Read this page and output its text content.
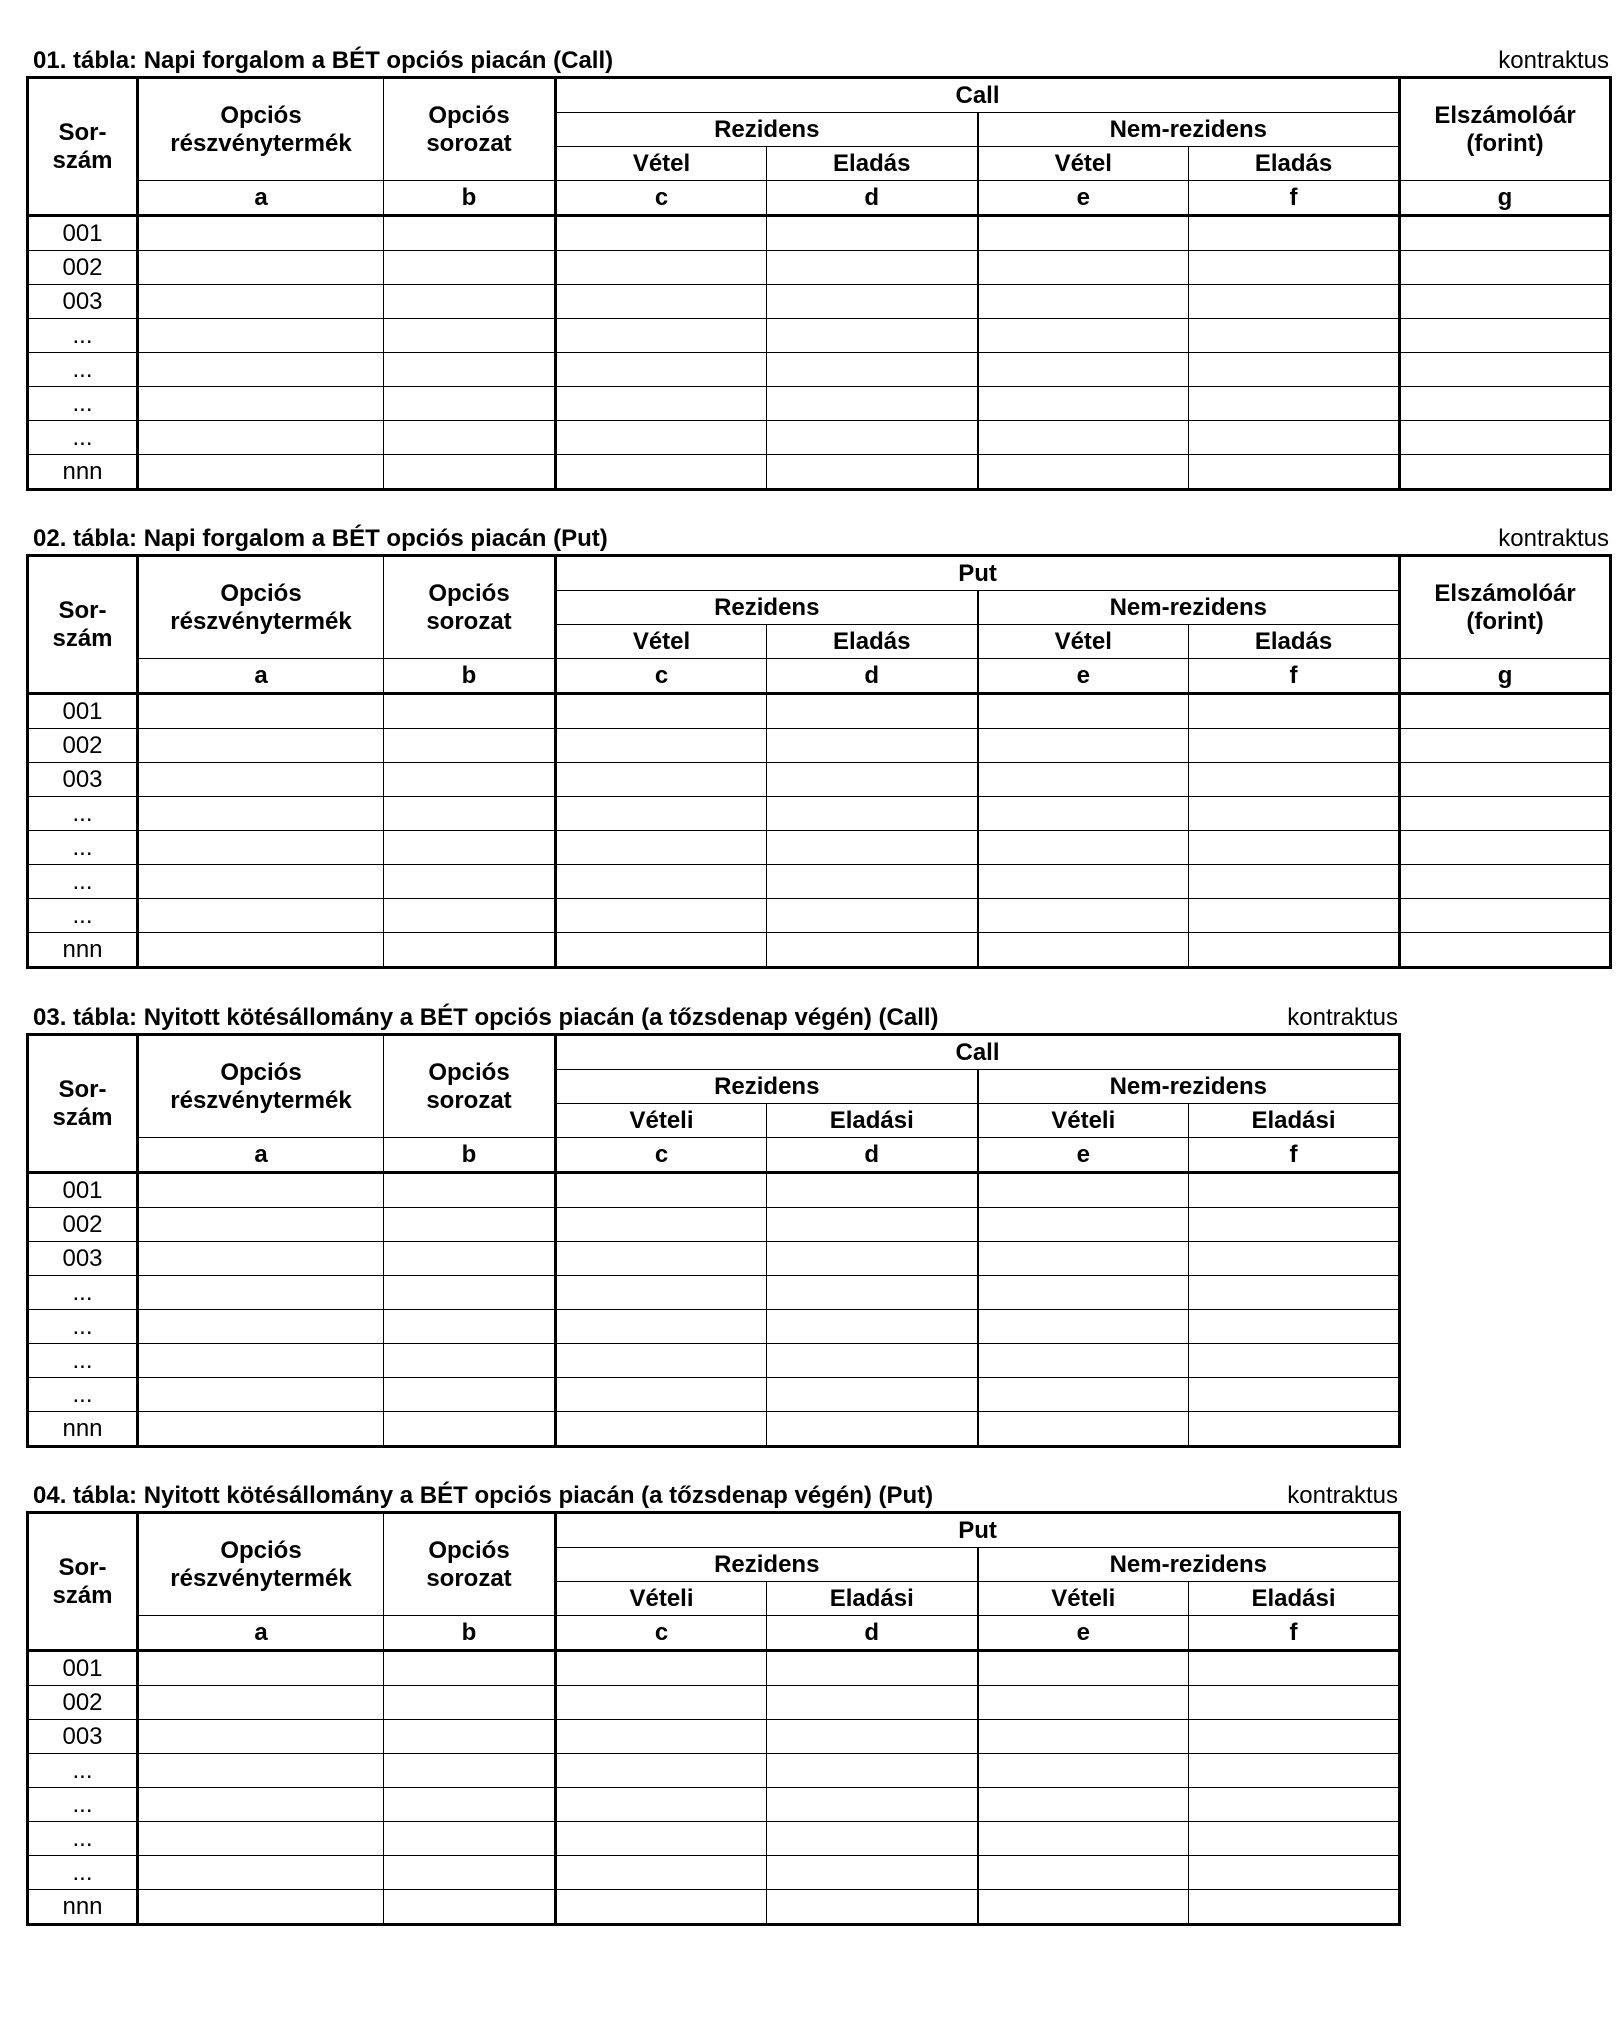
01. tábla: Napi forgalom a BÉT opciós piacán (Call)	kontraktus
Sor-szám	Opciós részvénytermék	Opciós sorozat	Call				Elszámolóár (forint)
			Rezidens		Nem-rezidens		
			Vétel	Eladás	Vétel	Eladás	
	a	b	c	d	e	f	g
001							
002							
003							
...							
...							
...							
...							
nnn							
02. tábla: Napi forgalom a BÉT opciós piacán (Put)	kontraktus
Sor-szám	Opciós részvénytermék	Opciós sorozat	Put				Elszámolóár (forint)
			Rezidens		Nem-rezidens		
			Vétel	Eladás	Vétel	Eladás	
	a	b	c	d	e	f	g
001							
002							
003							
...							
...							
...							
...							
nnn							
03. tábla: Nyitott kötésállomány a BÉT opciós piacán (a tőzsdenap végén) (Call)	kontraktus
Sor-szám	Opciós részvénytermék	Opciós sorozat	Call			
			Rezidens		Nem-rezidens	
			Vételi	Eladási	Vételi	Eladási
	a	b	c	d	e	f
001						
002						
003						
...						
...						
...						
...						
nnn						
04. tábla: Nyitott kötésállomány a BÉT opciós piacán (a tőzsdenap végén) (Put)	kontraktus
Sor-szám	Opciós részvénytermék	Opciós sorozat	Put			
			Rezidens		Nem-rezidens	
			Vételi	Eladási	Vételi	Eladási
	a	b	c	d	e	f
001						
002						
003						
...						
...						
...						
...						
nnn						
